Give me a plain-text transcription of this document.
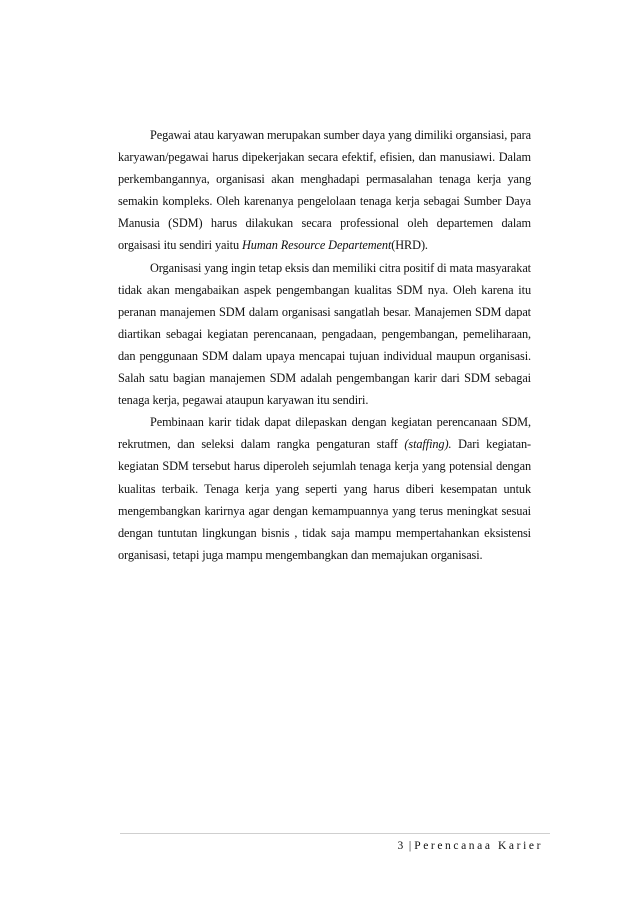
Pegawai atau karyawan merupakan sumber daya yang dimiliki organsiasi, para karyawan/pegawai harus dipekerjakan secara efektif, efisien, dan manusiawi. Dalam perkembangannya, organisasi akan menghadapi permasalahan tenaga kerja yang semakin kompleks. Oleh karenanya pengelolaan tenaga kerja sebagai Sumber Daya Manusia (SDM) harus dilakukan secara professional oleh departemen dalam orgaisasi itu sendiri yaitu Human Resource Departement(HRD).

Organisasi yang ingin tetap eksis dan memiliki citra positif di mata masyarakat tidak akan mengabaikan aspek pengembangan kualitas SDM nya. Oleh karena itu peranan manajemen SDM dalam organisasi sangatlah besar. Manajemen SDM dapat diartikan sebagai kegiatan perencanaan, pengadaan, pengembangan, pemeliharaan, dan penggunaan SDM dalam upaya mencapai tujuan individual maupun organisasi. Salah satu bagian manajemen SDM adalah pengembangan karir dari SDM sebagai tenaga kerja, pegawai ataupun karyawan itu sendiri.

Pembinaan karir tidak dapat dilepaskan dengan kegiatan perencanaan SDM, rekrutmen, dan seleksi dalam rangka pengaturan staff (staffing). Dari kegiatan-kegiatan SDM tersebut harus diperoleh sejumlah tenaga kerja yang potensial dengan kualitas terbaik. Tenaga kerja yang seperti yang harus diberi kesempatan untuk mengembangkan karirnya agar dengan kemampuannya yang terus meningkat sesuai dengan tuntutan lingkungan bisnis , tidak saja mampu mempertahankan eksistensi organisasi, tetapi juga mampu mengembangkan dan memajukan organisasi.

3 | Perencanaa Karier
